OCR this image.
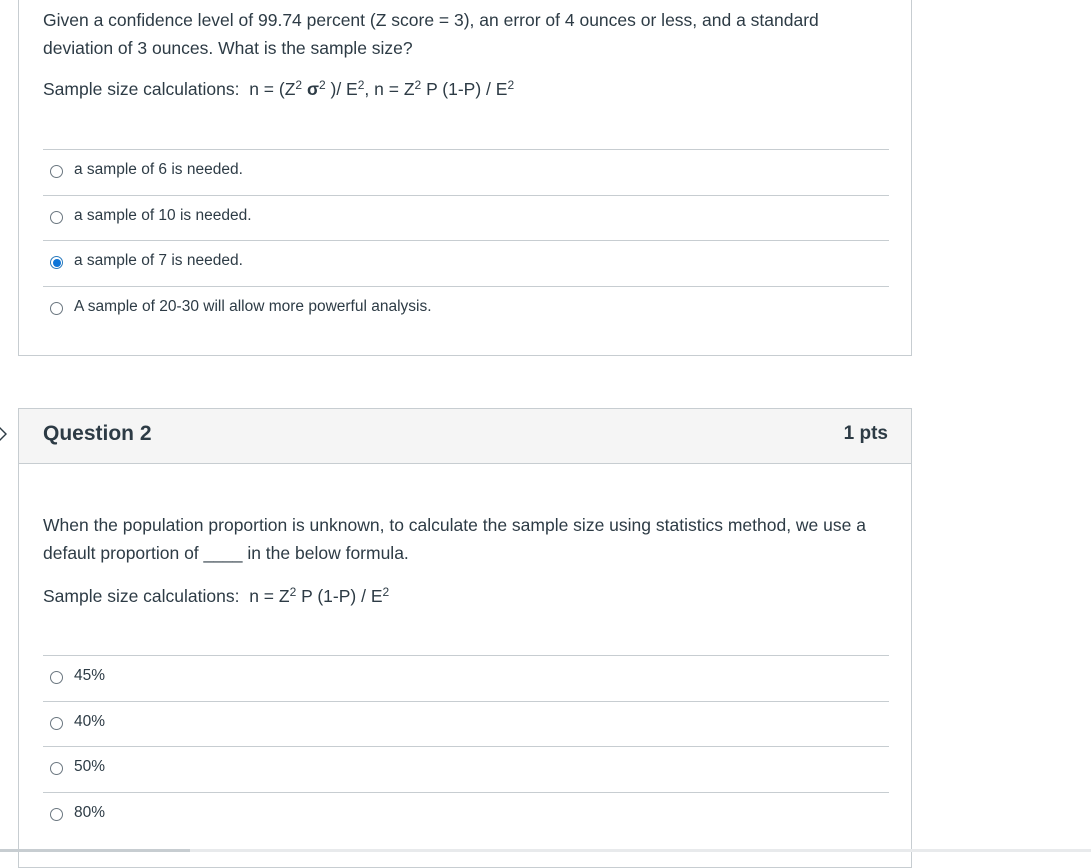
Given a confidence level of 99.74 percent (Z score = 3), an error of 4 ounces or less, and a standard deviation of 3 ounces. What is the sample size?

Sample size calculations:  $n = (Z^2$ $\sigma^2$ )/ $E^2$, $n = Z^2$ P $(1-P) / E^2$
a sample of 6 is needed.
a sample of 10 is needed.
a sample of 7 is needed.
A sample of 20-30 will allow more powerful analysis.
Question 2	1 pts

When the population proportion is unknown, to calculate the sample size using statistics method, we use a default proportion of ____ in the below formula.

Sample size calculations:  $n = Z^2$ P $(1-P) / E^2$
45%
40%
50%
80%
